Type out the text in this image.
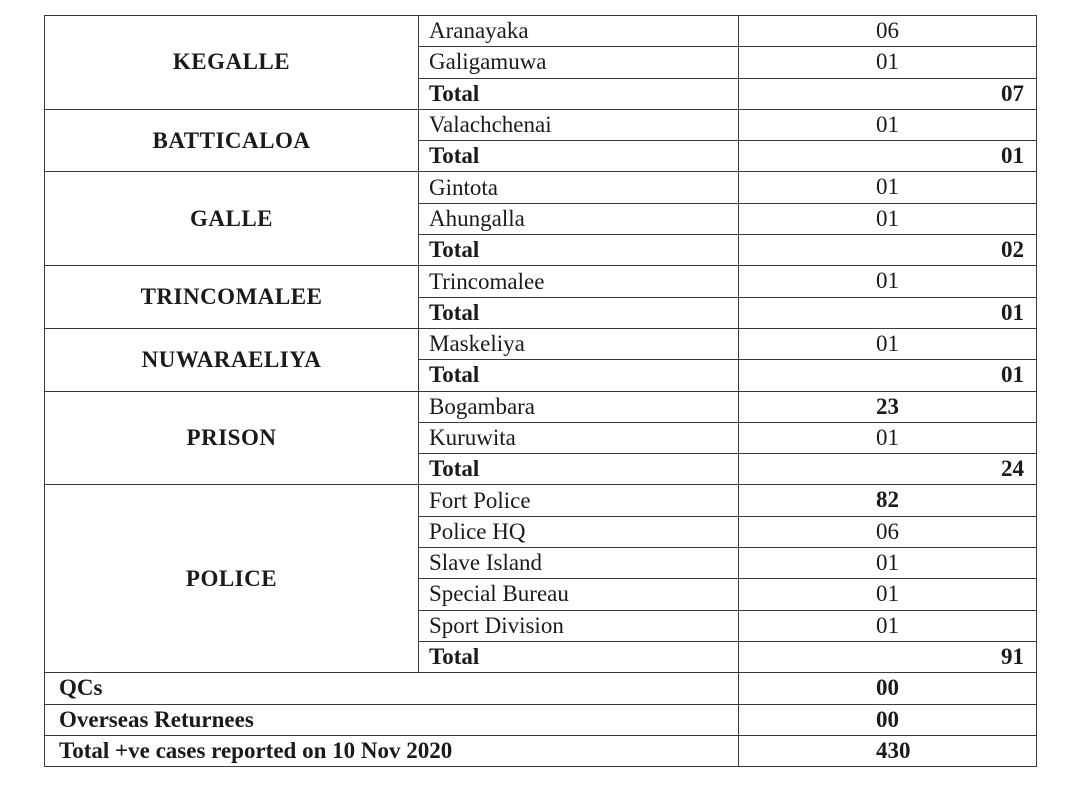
KEGALLE	Aranayaka	06

	Galigamuwa	01

	Total	07
BATTICALOA	Valachchenai	01

	Total	01
GALLE	Gintota	01

	Ahungalla	01

	Total	02
TRINCOMALEE	Trincomalee	01

	Total	01
NUWARAELIYA	Maskeliya	01

	Total	01
PRISON	Bogambara	23

	Kuruwita	01

	Total	24
POLICE	Fort Police	82

	Police HQ	06

	Slave Island	01

	Special Bureau	01

	Sport Division	01

	Total	91
QCs		00

Overseas Returnees		00

Total +ve cases reported on 10 Nov 2020		430
